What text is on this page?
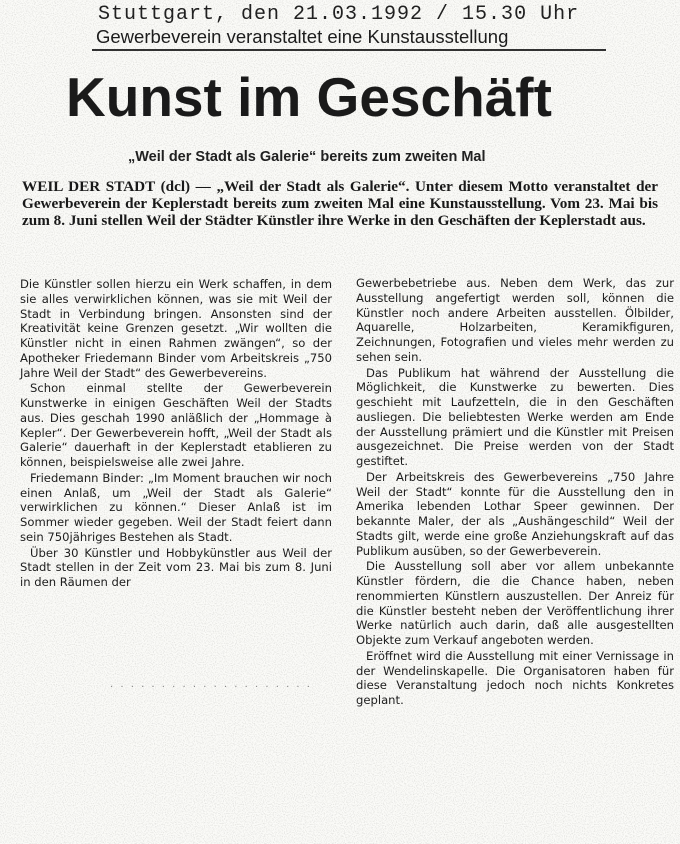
Stuttgart, den 21.03.1992 / 15.30 Uhr
Gewerbeverein veranstaltet eine Kunstausstellung
Kunst im Geschäft
„Weil der Stadt als Galerie“ bereits zum zweiten Mal
WEIL DER STADT (dcl) — „Weil der Stadt als Galerie“. Unter diesem Motto veranstaltet der Gewerbeverein der Keplerstadt bereits zum zweiten Mal eine Kunstausstellung. Vom 23. Mai bis zum 8. Juni stellen Weil der Städter Künstler ihre Werke in den Geschäften der Keplerstadt aus.

Die Künstler sollen hierzu ein Werk schaffen, in dem sie alles verwirklichen können, was sie mit Weil der Stadt in Verbindung bringen. Ansonsten sind der Kreativität keine Grenzen gesetzt. „Wir wollten die Künstler nicht in einen Rahmen zwängen“, so der Apotheker Friedemann Binder vom Arbeitskreis „750 Jahre Weil der Stadt“ des Gewerbevereins.

Schon einmal stellte der Gewerbeverein Kunstwerke in einigen Geschäften Weil der Stadts aus. Dies geschah 1990 anläßlich der „Hommage à Kepler“. Der Gewerbeverein hofft, „Weil der Stadt als Galerie“ dauerhaft in der Keplerstadt etablieren zu können, beispielsweise alle zwei Jahre.

Friedemann Binder: „Im Moment brauchen wir noch einen Anlaß, um „Weil der Stadt als Galerie“ verwirklichen zu können.“ Dieser Anlaß ist im Sommer wieder gegeben. Weil der Stadt feiert dann sein 750jähriges Bestehen als Stadt.

Über 30 Künstler und Hobbykünstler aus Weil der Stadt stellen in der Zeit vom 23. Mai bis zum 8. Juni in den Räumen der

· · · · · · · · · · · · · · · · · · · ·

Gewerbebetriebe aus. Neben dem Werk, das zur Ausstellung angefertigt werden soll, können die Künstler noch andere Arbeiten ausstellen. Ölbilder, Aquarelle, Holzarbeiten, Keramikfiguren, Zeichnungen, Fotografien und vieles mehr werden zu sehen sein.

Das Publikum hat während der Ausstellung die Möglichkeit, die Kunstwerke zu bewerten. Dies geschieht mit Laufzetteln, die in den Geschäften ausliegen. Die beliebtesten Werke werden am Ende der Ausstellung prämiert und die Künstler mit Preisen ausgezeichnet. Die Preise werden von der Stadt gestiftet.

Der Arbeitskreis des Gewerbevereins „750 Jahre Weil der Stadt“ konnte für die Ausstellung den in Amerika lebenden Lothar Speer gewinnen. Der bekannte Maler, der als „Aushängeschild“ Weil der Stadts gilt, werde eine große Anziehungskraft auf das Publikum ausüben, so der Gewerbeverein.

Die Ausstellung soll aber vor allem unbekannte Künstler fördern, die die Chance haben, neben renommierten Künstlern auszustellen. Der Anreiz für die Künstler besteht neben der Veröffentlichung ihrer Werke natürlich auch darin, daß alle ausgestellten Objekte zum Verkauf angeboten werden.

Eröffnet wird die Ausstellung mit einer Vernissage in der Wendelinskapelle. Die Organisatoren haben für diese Veranstaltung jedoch noch nichts Konkretes geplant.
